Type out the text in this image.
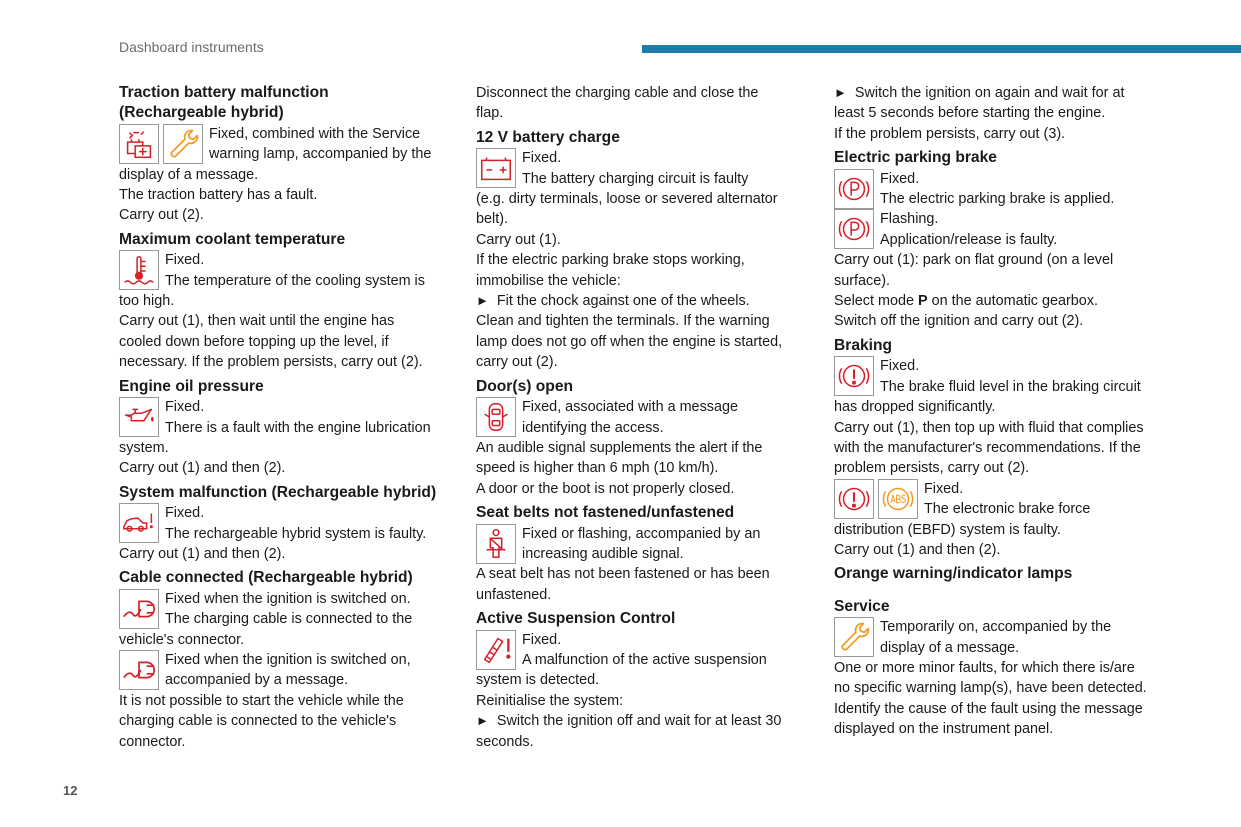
Dashboard instruments
Traction battery malfunction
(Rechargeable hybrid)

Fixed, combined with the Service

warning lamp, accompanied by the

display of a message.

The traction battery has a fault.

Carry out (2).

Maximum coolant temperature

Fixed.

The temperature of the cooling system is

too high.

Carry out (1), then wait until the engine has

cooled down before topping up the level, if

necessary. If the problem persists, carry out (2).

Engine oil pressure

Fixed.

There is a fault with the engine lubrication

system.

Carry out (1) and then (2).

System malfunction (Rechargeable hybrid)

Fixed.

The rechargeable hybrid system is faulty.

Carry out (1) and then (2).

Cable connected (Rechargeable hybrid)

Fixed when the ignition is switched on.

The charging cable is connected to the

vehicle's connector.

Fixed when the ignition is switched on,

accompanied by a message.

It is not possible to start the vehicle while the

charging cable is connected to the vehicle's

connector.

Disconnect the charging cable and close the

flap.

12 V battery charge

Fixed.

The battery charging circuit is faulty

(e.g. dirty terminals, loose or severed alternator

belt).

Carry out (1).

If the electric parking brake stops working,

immobilise the vehicle:

► Fit the chock against one of the wheels.

Clean and tighten the terminals. If the warning

lamp does not go off when the engine is started,

carry out (2).

Door(s) open

Fixed, associated with a message

identifying the access.

An audible signal supplements the alert if the

speed is higher than 6 mph (10 km/h).

A door or the boot is not properly closed.

Seat belts not fastened/unfastened

Fixed or flashing, accompanied by an

increasing audible signal.

A seat belt has not been fastened or has been

unfastened.

Active Suspension Control

Fixed.

A malfunction of the active suspension

system is detected.

Reinitialise the system:

► Switch the ignition off and wait for at least 30

seconds.

► Switch the ignition on again and wait for at

least 5 seconds before starting the engine.

If the problem persists, carry out (3).

Electric parking brake

Fixed.

The electric parking brake is applied.

Flashing.

Application/release is faulty.

Carry out (1): park on flat ground (on a level

surface).

Select mode P on the automatic gearbox.

Switch off the ignition and carry out (2).

Braking

Fixed.

The brake fluid level in the braking circuit

has dropped significantly.

Carry out (1), then top up with fluid that complies

with the manufacturer's recommendations. If the

problem persists, carry out (2).

Fixed.

The electronic brake force

distribution (EBFD) system is faulty.

Carry out (1) and then (2).

Orange warning/indicator lamps
Service

Temporarily on, accompanied by the

display of a message.

One or more minor faults, for which there is/are

no specific warning lamp(s), have been detected.

Identify the cause of the fault using the message

displayed on the instrument panel.

12
